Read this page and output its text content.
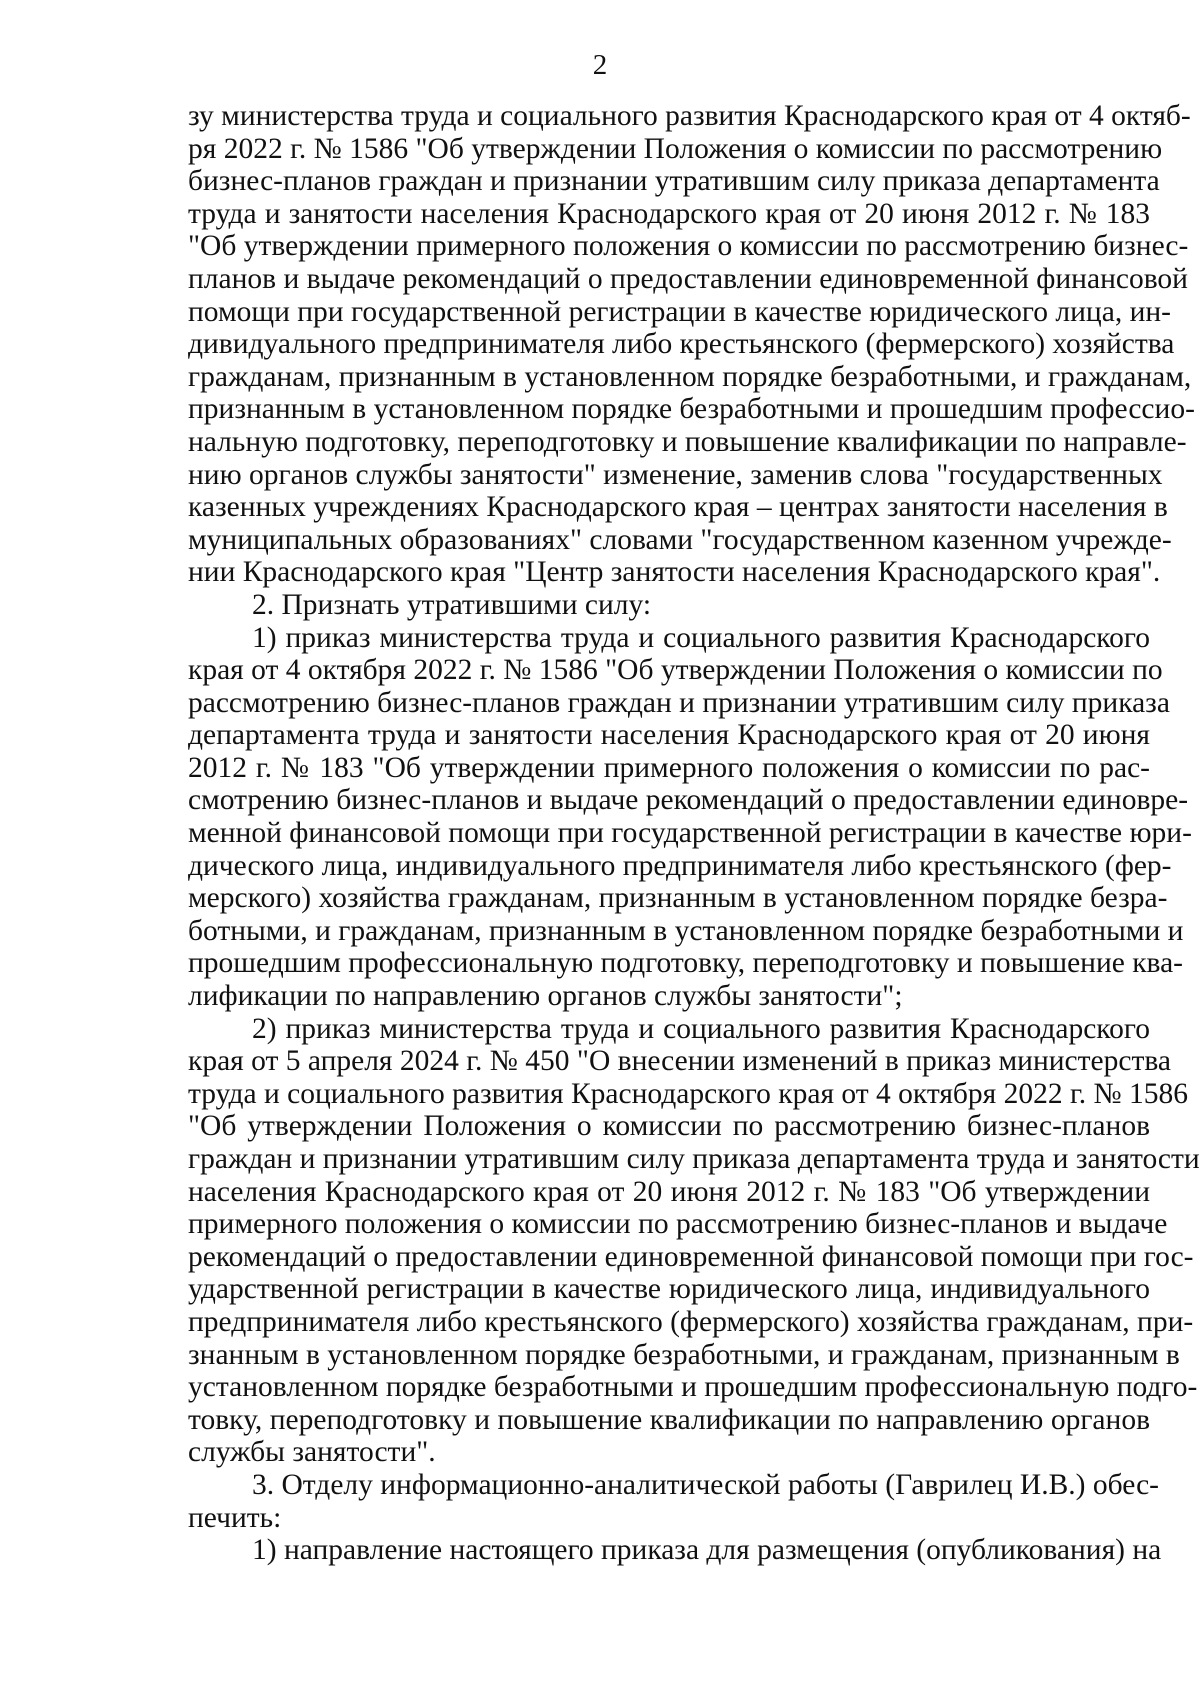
2
зу министерства труда и социального развития Краснодарского края от 4 октяб-
ря 2022 г. № 1586 "Об утверждении Положения о комиссии по рассмотрению
бизнес-планов граждан и признании утратившим силу приказа департамента
труда и занятости населения Краснодарского края от 20 июня 2012 г. № 183
"Об утверждении примерного положения о комиссии по рассмотрению бизнес-
планов и выдаче рекомендаций о предоставлении единовременной финансовой
помощи при государственной регистрации в качестве юридического лица, ин-
дивидуального предпринимателя либо крестьянского (фермерского) хозяйства
гражданам, признанным в установленном порядке безработными, и гражданам,
признанным в установленном порядке безработными и прошедшим профессио-
нальную подготовку, переподготовку и повышение квалификации по направле-
нию органов службы занятости" изменение, заменив слова "государственных
казенных учреждениях Краснодарского края – центрах занятости населения в
муниципальных образованиях" словами "государственном казенном учрежде-
нии Краснодарского края "Центр занятости населения Краснодарского края".
2. Признать утратившими силу:
1) приказ министерства труда и социального развития Краснодарского
края от 4 октября 2022 г. № 1586 "Об утверждении Положения о комиссии по
рассмотрению бизнес-планов граждан и признании утратившим силу приказа
департамента труда и занятости населения Краснодарского края от 20 июня
2012 г. № 183 "Об утверждении примерного положения о комиссии по рас-
смотрению бизнес-планов и выдаче рекомендаций о предоставлении единовре-
менной финансовой помощи при государственной регистрации в качестве юри-
дического лица, индивидуального предпринимателя либо крестьянского (фер-
мерского) хозяйства гражданам, признанным в установленном порядке безра-
ботными, и гражданам, признанным в установленном порядке безработными и
прошедшим профессиональную подготовку, переподготовку и повышение ква-
лификации по направлению органов службы занятости";
2) приказ министерства труда и социального развития Краснодарского
края от 5 апреля 2024 г. № 450 "О внесении изменений в приказ министерства
труда и социального развития Краснодарского края от 4 октября 2022 г. № 1586
"Об утверждении Положения о комиссии по рассмотрению бизнес-планов
граждан и признании утратившим силу приказа департамента труда и занятости
населения Краснодарского края от 20 июня 2012 г. № 183 "Об утверждении
примерного положения о комиссии по рассмотрению бизнес-планов и выдаче
рекомендаций о предоставлении единовременной финансовой помощи при гос-
ударственной регистрации в качестве юридического лица, индивидуального
предпринимателя либо крестьянского (фермерского) хозяйства гражданам, при-
знанным в установленном порядке безработными, и гражданам, признанным в
установленном порядке безработными и прошедшим профессиональную подго-
товку, переподготовку и повышение квалификации по направлению органов
службы занятости".
3. Отделу информационно-аналитической работы (Гаврилец И.В.) обес-
печить:
1) направление настоящего приказа для размещения (опубликования) на
